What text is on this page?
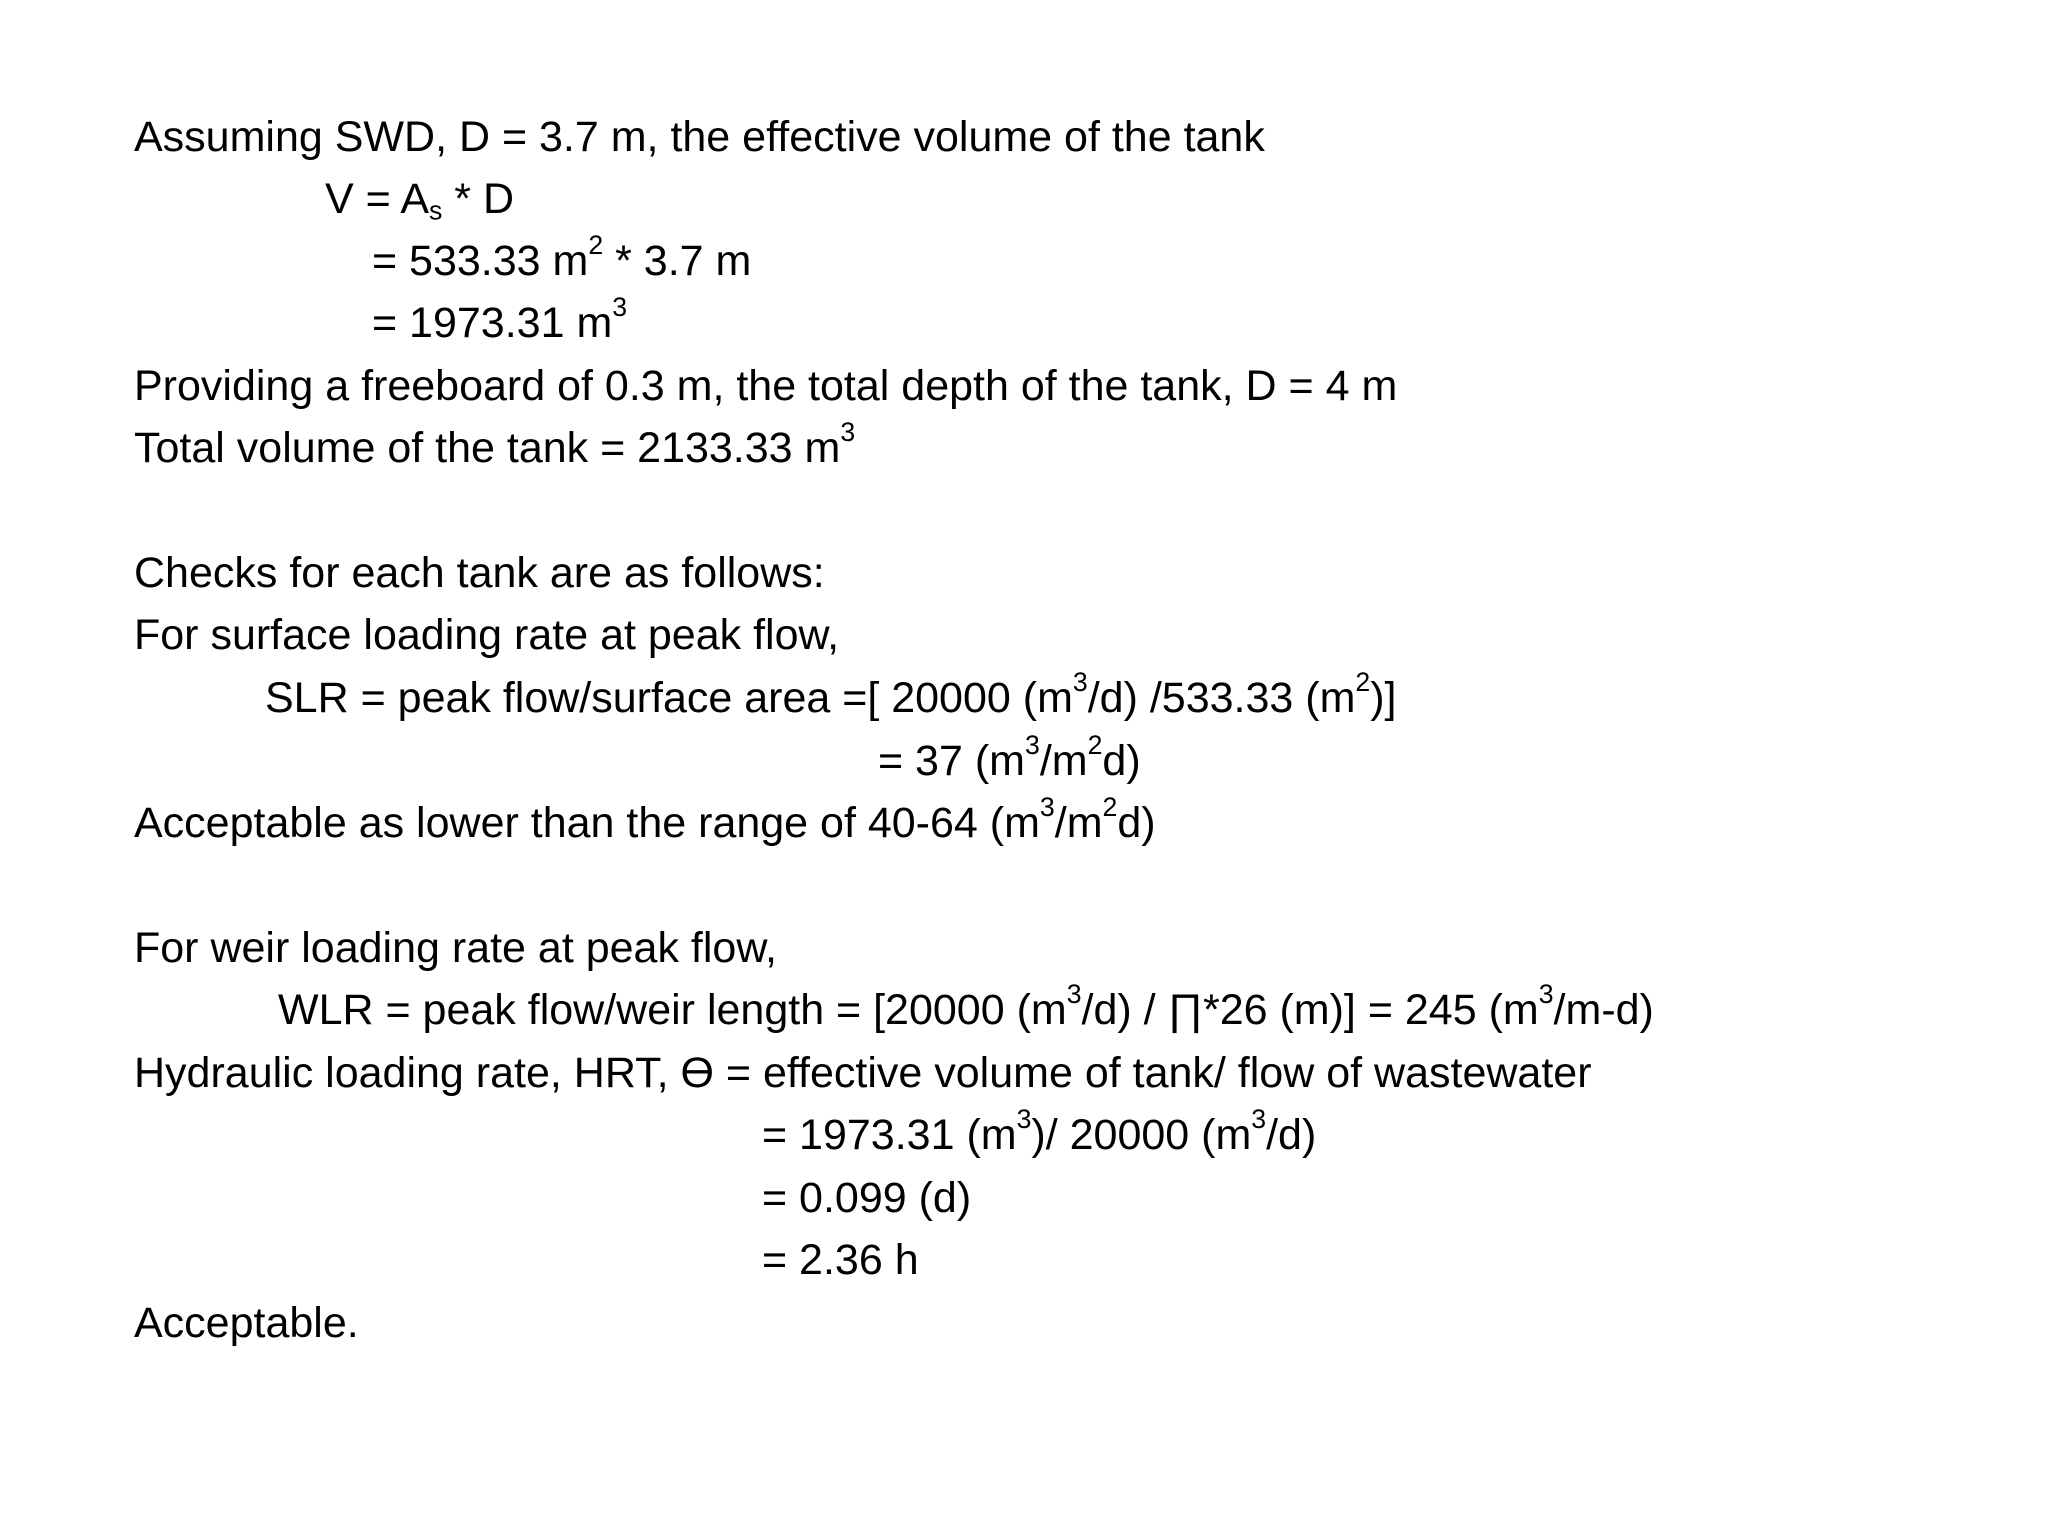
Assuming SWD, D = 3.7 m, the effective volume of the tank
$V = A_s * D$
= 533.33 $m^2 * 3.7$ m
= 1973.31 $m^3$
Providing a freeboard of 0.3 m, the total depth of the tank, D = 4 m
Total volume of the tank = 2133.33 $m^3$
Checks for each tank are as follows:
For surface loading rate at peak flow,
SLR = peak flow/surface area =[ 20000 $(m^3/d)$ /533.33 $(m^2)$]
= 37 $(m^3/m^2d)$
Acceptable as lower than the range of 40-64 $(m^3/m^2d)$
For weir loading rate at peak flow,
WLR = peak flow/weir length = [20000 $(m^3/d)$ / ∏*26 (m)] = 245 $(m^3/m-d)$
Hydraulic loading rate, HRT, Ө = effective volume of tank/ flow of wastewater
= 1973.31 $(m^3)/$ 20000 $(m^3/d)$
= 0.099 (d)
= 2.36 h
Acceptable.
